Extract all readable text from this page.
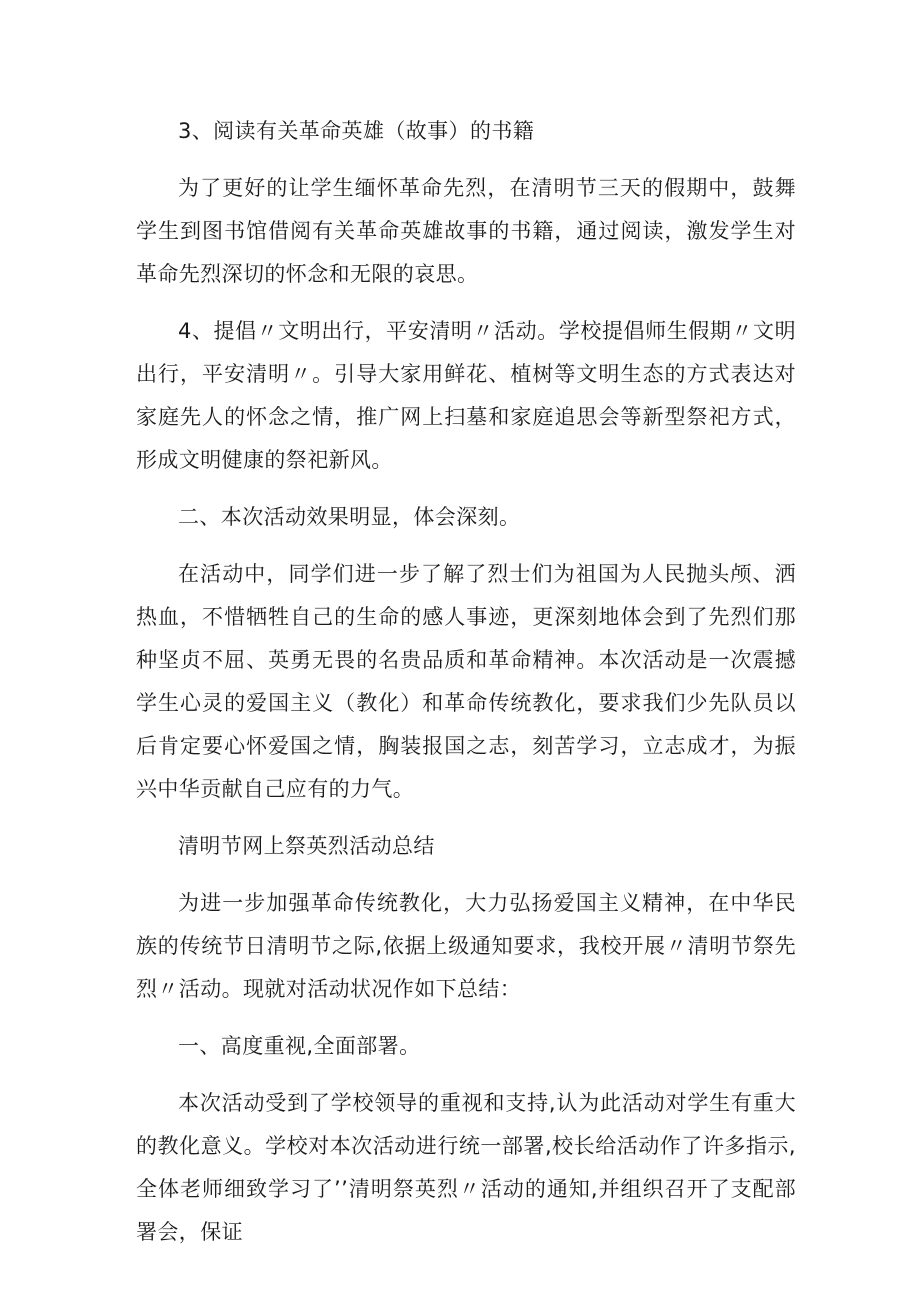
3、阅读有关革命英雄（故事）的书籍

为了更好的让学生缅怀革命先烈，在清明节三天的假期中，鼓舞学生到图书馆借阅有关革命英雄故事的书籍，通过阅读，激发学生对革命先烈深切的怀念和无限的哀思。

4、提倡〃文明出行，平安清明〃活动。学校提倡师生假期〃文明出行，平安清明〃。引导大家用鲜花、植树等文明生态的方式表达对家庭先人的怀念之情，推广网上扫墓和家庭追思会等新型祭祀方式，形成文明健康的祭祀新风。

二、本次活动效果明显，体会深刻。

在活动中，同学们进一步了解了烈士们为祖国为人民抛头颅、洒热血，不惜牺牲自己的生命的感人事迹，更深刻地体会到了先烈们那种坚贞不屈、英勇无畏的名贵品质和革命精神。本次活动是一次震撼学生心灵的爱国主义（教化）和革命传统教化，要求我们少先队员以后肯定要心怀爱国之情，胸装报国之志，刻苦学习，立志成才，为振兴中华贡献自己应有的力气。

清明节网上祭英烈活动总结

为进一步加强革命传统教化，大力弘扬爱国主义精神，在中华民族的传统节日清明节之际,依据上级通知要求，我校开展〃清明节祭先烈〃活动。现就对活动状况作如下总结：

一、高度重视,全面部署。

本次活动受到了学校领导的重视和支持,认为此活动对学生有重大的教化意义。学校对本次活动进行统一部署,校长给活动作了许多指示,全体老师细致学习了’’清明祭英烈〃活动的通知,并组织召开了支配部署会，保证
